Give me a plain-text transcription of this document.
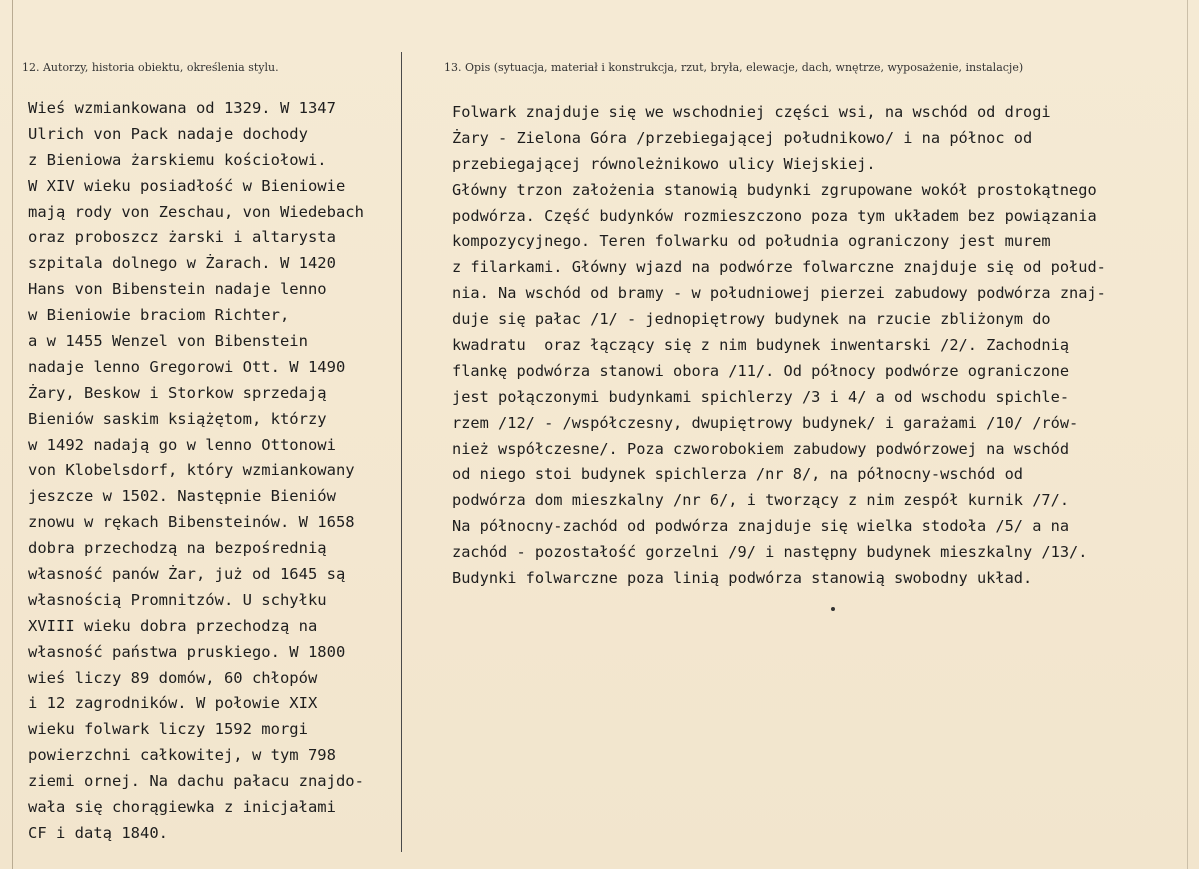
12. Autorzy, historia obiektu, określenia stylu.	13. Opis (sytuacja, materiał i konstrukcja, rzut, bryła, elewacje, dach, wnętrze, wyposażenie, instalacje)
Wieś wzmiankowana od 1329. W 1347
Ulrich von Pack nadaje dochody
z Bieniowa żarskiemu kościołowi.
W XIV wieku posiadłość w Bieniowie
mają rody von Zeschau, von Wiedebach
oraz proboszcz żarski i altarysta
szpitala dolnego w Żarach. W 1420
Hans von Bibenstein nadaje lenno
w Bieniowie braciom Richter,
a w 1455 Wenzel von Bibenstein
nadaje lenno Gregorowi Ott. W 1490
Żary, Beskow i Storkow sprzedają
Bieniów saskim książętom, którzy
w 1492 nadają go w lenno Ottonowi
von Klobelsdorf, który wzmiankowany
jeszcze w 1502. Następnie Bieniów
znowu w rękach Bibensteinów. W 1658
dobra przechodzą na bezpośrednią
własność panów Żar, już od 1645 są
własnością Promnitzów. U schyłku
XVIII wieku dobra przechodzą na
własność państwa pruskiego. W 1800
wieś liczy 89 domów, 60 chłopów
i 12 zagrodników. W połowie XIX
wieku folwark liczy 1592 morgi
powierzchni całkowitej, w tym 798
ziemi ornej. Na dachu pałacu znajdo-
wała się chorągiewka z inicjałami
CF i datą 1840.
Folwark znajduje się we wschodniej części wsi, na wschód od drogi
Żary - Zielona Góra /przebiegającej południkowo/ i na północ od
przebiegającej równoleżnikowo ulicy Wiejskiej.
Główny trzon założenia stanowią budynki zgrupowane wokół prostokątnego
podwórza. Część budynków rozmieszczono poza tym układem bez powiązania
kompozycyjnego. Teren folwarku od południa ograniczony jest murem
z filarkami. Główny wjazd na podwórze folwarczne znajduje się od połud-
nia. Na wschód od bramy - w południowej pierzei zabudowy podwórza znaj-
duje się pałac /1/ - jednopiętrowy budynek na rzucie zbliżonym do
kwadratu  oraz łączący się z nim budynek inwentarski /2/. Zachodnią
flankę podwórza stanowi obora /11/. Od północy podwórze ograniczone
jest połączonymi budynkami spichlerzy /3 i 4/ a od wschodu spichle-
rzem /12/ - /współczesny, dwupiętrowy budynek/ i garażami /10/ /rów-
nież współczesne/. Poza czworobokiem zabudowy podwórzowej na wschód
od niego stoi budynek spichlerza /nr 8/, na północny-wschód od
podwórza dom mieszkalny /nr 6/, i tworzący z nim zespół kurnik /7/.
Na północny-zachód od podwórza znajduje się wielka stodoła /5/ a na
zachód - pozostałość gorzelni /9/ i następny budynek mieszkalny /13/.
Budynki folwarczne poza linią podwórza stanowią swobodny układ.
